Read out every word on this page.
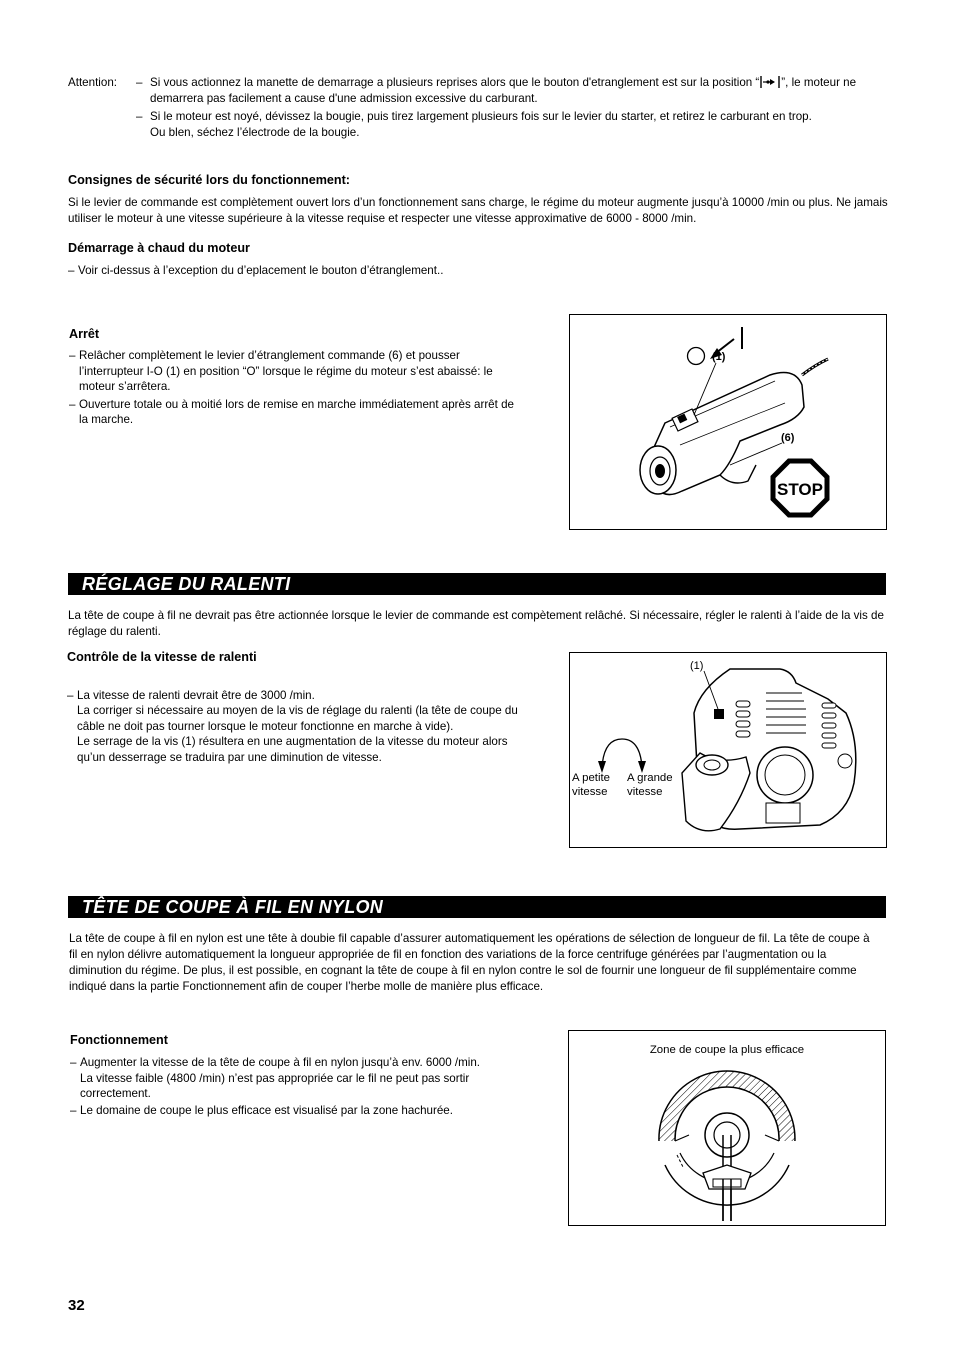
Attention: – Si vous actionnez la manette de demarrage a plusieurs reprises alors que le bouton d'etranglement est sur la position “ ”, le moteur ne demarrera pas facilement a cause d'une admission excessive du carburant.
– Si le moteur est noyé, dévissez la bougie, puis tirez largement plusieurs fois sur le levier du starter, et retirez le carburant en trop.

Ou blen, séchez l’électrode de la bougie.

Consignes de sécurité lors du fonctionnement:
Si le levier de commande est complètement ouvert lors d’un fonctionnement sans charge, le régime du moteur augmente jusqu’à 10000 /min ou plus. Ne jamais utiliser le moteur à une vitesse supérieure à la vitesse requise et respecter une vitesse approximative de 6000 - 8000 /min.
Démarrage à chaud du moteur
– Voir ci-dessus à l’exception du d’eplacement le bouton d’étranglement..
Arrêt
– Relâcher complètement le levier d’étranglement commande (6) et pousser l’interrupteur I-O (1) en position “O” lorsque le régime du moteur s’est abaissé: le moteur s’arrêtera.
– Ouverture totale ou à moitié lors de remise en marche immédiatement après arrêt de la marche.
(1)
(6)
STOP
RÉGLAGE DU RALENTI
La tête de coupe à fil ne devrait pas être actionnée lorsque le levier de commande est compètement relâché. Si nécessaire, régler le ralenti à l’aide de la vis de réglage du ralenti.
Contrôle de la vitesse de ralenti
– La vitesse de ralenti devrait être de 3000 /min.

La corriger si nécessaire au moyen de la vis de réglage du ralenti (la tête de coupe du câble ne doit pas tourner lorsque le moteur fonctionne en marche à vide).

Le serrage de la vis (1) résultera en une augmentation de la vitesse du moteur alors qu’un desserrage se traduira par une diminution de vitesse.

(1)
A petite vitesse
A grande vitesse
TÊTE DE COUPE À FIL EN NYLON
La tête de coupe à fil en nylon est une tête à doubie fil capable d’assurer automatiquement les opérations de sélection de longueur de fil. La tête de coupe à fil en nylon délivre automatiquement la longueur appropriée de fil en fonction des variations de la force centrifuge générées par l’augmentation ou la diminution du régime. De plus, il est possible, en cognant la tête de coupe à fil en nylon contre le sol de fournir une longueur de fil supplémentaire comme indiqué dans la partie Fonctionnement afin de couper l’herbe molle de manière plus efficace.
Fonctionnement
– Augmenter la vitesse de la tête de coupe à fil en nylon jusqu’à env. 6000 /min.

La vitesse faible (4800 /min) n’est pas appropriée car le fil ne peut pas sortir correctement.

– Le domaine de coupe le plus efficace est visualisé par la zone hachurée.

Zone de coupe la plus efficace
32
